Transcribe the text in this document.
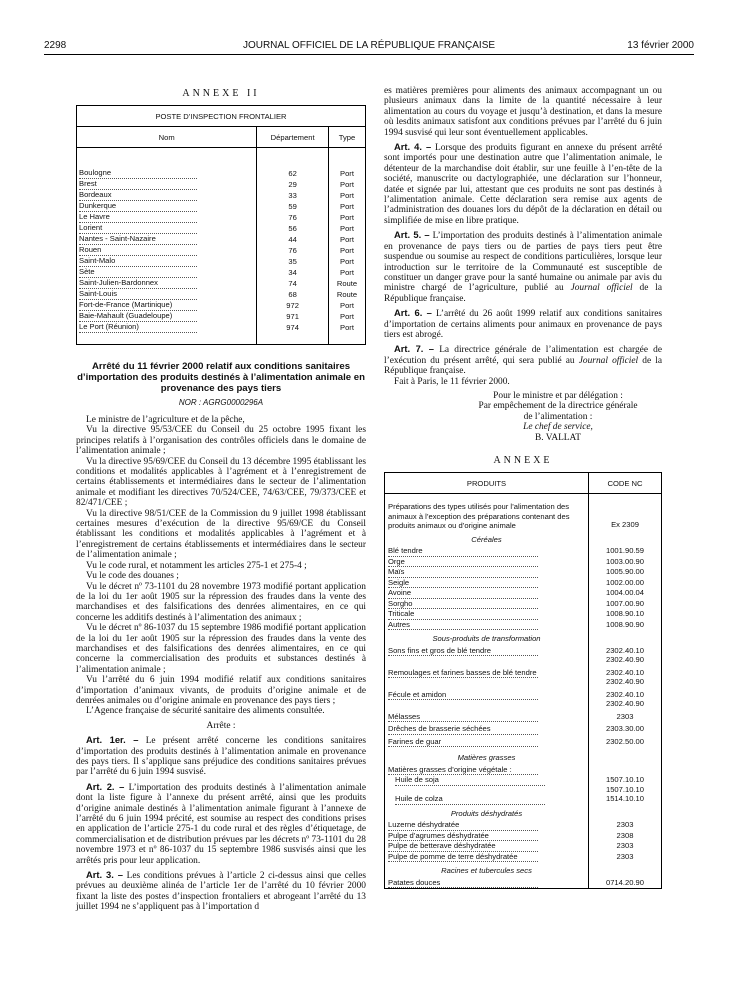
2298	JOURNAL OFFICIEL DE LA RÉPUBLIQUE FRANÇAISE	13 février 2000

ANNEXE II

POSTE D’INSPECTION FRONTALIER		
Nom	Département	Type

Boulogne	62	Port
Brest	29	Port
Bordeaux	33	Port
Dunkerque	59	Port
Le Havre	76	Port
Lorient	56	Port
Nantes - Saint-Nazaire	44	Port
Rouen	76	Port
Saint-Malo	35	Port
Sète	34	Port
Saint-Julien-Bardonnex	74	Route
Saint-Louis	68	Route
Fort-de-France (Martinique)	972	Port
Baie-Mahault (Guadeloupe)	971	Port
Le Port (Réunion)	974	Port

Arrêté du 11 février 2000 relatif aux conditions sanitaires d’importation des produits destinés à l’alimentation animale en provenance des pays tiers

NOR : AGRG0000296A

Le ministre de l’agriculture et de la pêche,

Vu la directive 95/53/CEE du Conseil du 25 octobre 1995 fixant les principes relatifs à l’organisation des contrôles officiels dans le domaine de l’alimentation animale ;

Vu la directive 95/69/CEE du Conseil du 13 décembre 1995 établissant les conditions et modalités applicables à l’agrément et à l’enregistrement de certains établissements et intermédiaires dans le secteur de l’alimentation animale et modifiant les directives 70/524/CEE, 74/63/CEE, 79/373/CEE et 82/471/CEE ;

Vu la directive 98/51/CEE de la Commission du 9 juillet 1998 établissant certaines mesures d’exécution de la directive 95/69/CE du Conseil établissant les conditions et modalités applicables à l’agrément et à l’enregistrement de certains établissements et intermédiaires dans le secteur de l’alimentation animale ;

Vu le code rural, et notamment les articles 275-1 et 275-4 ;

Vu le code des douanes ;

Vu le décret nº 73-1101 du 28 novembre 1973 modifié portant application de la loi du 1er août 1905 sur la répression des fraudes dans la vente des marchandises et des falsifications des denrées alimentaires, en ce qui concerne les additifs destinés à l’alimentation des animaux ;

Vu le décret nº 86-1037 du 15 septembre 1986 modifié portant application de la loi du 1er août 1905 sur la répression des fraudes dans la vente des marchandises et des falsifications des denrées alimentaires, en ce qui concerne la commercialisation des produits et substances destinés à l’alimentation animale ;

Vu l’arrêté du 6 juin 1994 modifié relatif aux conditions sanitaires d’importation d’animaux vivants, de produits d’origine animale et de denrées animales ou d’origine animale en provenance des pays tiers ;

L’Agence française de sécurité sanitaire des aliments consultée.

Arrête :

Art. 1er. – Le présent arrêté concerne les conditions sanitaires d’importation des produits destinés à l’alimentation animale en provenance des pays tiers. Il s’applique sans préjudice des conditions sanitaires prévues par l’arrêté du 6 juin 1994 susvisé.

Art. 2. – L’importation des produits destinés à l’alimentation animale dont la liste figure à l’annexe du présent arrêté, ainsi que les produits d’origine animale destinés à l’alimentation animale figurant à l’annexe de l’arrêté du 6 juin 1994 précité, est soumise au respect des conditions prises en application de l’article 275-1 du code rural et des règles d’étiquetage, de commercialisation et de distribution prévues par les décrets nº 73-1101 du 28 novembre 1973 et nº 86-1037 du 15 septembre 1986 susvisés ainsi que les arrêtés pris pour leur application.

Art. 3. – Les conditions prévues à l’article 2 ci-dessus ainsi que celles prévues au deuxième alinéa de l’article 1er de l’arrêté du 10 février 2000 fixant la liste des postes d’inspection frontaliers et abrogeant l’arrêté du 13 juillet 1994 ne s’appliquent pas à l’importation d

es matières premières pour aliments des animaux accompagnant un ou plusieurs animaux dans la limite de la quantité nécessaire à leur alimentation au cours du voyage et jusqu’à destination, et dans la mesure où lesdits animaux satisfont aux conditions prévues par l’arrêté du 6 juin 1994 susvisé qui leur sont éventuellement applicables.

Art. 4. – Lorsque des produits figurant en annexe du présent arrêté sont importés pour une destination autre que l’alimentation animale, le détenteur de la marchandise doit établir, sur une feuille à l’en-tête de la société, manuscrite ou dactylographiée, une déclaration sur l’honneur, datée et signée par lui, attestant que ces produits ne sont pas destinés à l’alimentation animale. Cette déclaration sera remise aux agents de l’administration des douanes lors du dépôt de la déclaration en détail ou simplifiée de mise en libre pratique.

Art. 5. – L’importation des produits destinés à l’alimentation animale en provenance de pays tiers ou de parties de pays tiers peut être suspendue ou soumise au respect de conditions particulières, lorsque leur introduction sur le territoire de la Communauté est susceptible de constituer un danger grave pour la santé humaine ou animale par avis du ministre chargé de l’agriculture, publié au Journal officiel de la République française.

Art. 6. – L’arrêté du 26 août 1999 relatif aux conditions sanitaires d’importation de certains aliments pour animaux en provenance de pays tiers est abrogé.

Art. 7. – La directrice générale de l’alimentation est chargée de l’exécution du présent arrêté, qui sera publié au Journal officiel de la République française.

Fait à Paris, le 11 février 2000.

Pour le ministre et par délégation :
Par empêchement de la directrice générale
de l’alimentation :
Le chef de service,
B. VALLAT

ANNEXE

PRODUITS	CODE NC
Préparations des types utilisés pour l’alimentation des animaux à l’exception des préparations contenant des produits animaux ou d’origine animale	Ex 2309
Céréales	
Blé tendre	1001.90.59
Orge	1003.00.90
Maïs	1005.90.00
Seigle	1002.00.00
Avoine	1004.00.04
Sorgho	1007.00.90
Triticale	1008.90.10
Autres	1008.90.90
Sous-produits de transformation	
Sons fins et gros de blé tendre	2302.40.10
2302.40.90
Remoulages et farines basses de blé tendre	2302.40.10
2302.40.90
Fécule et amidon	2302.40.10
2302.40.90
Mélasses	2303
Drêches de brasserie séchées	2303.30.00
Farines de guar	2302.50.00
Matières grasses	
Matières grasses d’origine végétale :	
Huile de soja	1507.10.10
1507.10.10
Huile de colza	1514.10.10
Produits déshydratés	
Luzerne déshydratée	2303
Pulpe d’agrumes déshydratée	2308
Pulpe de betterave déshydratée	2303
Pulpe de pomme de terre déshydratée	2303
Racines et tubercules secs	
Patates douces	0714.20.90
